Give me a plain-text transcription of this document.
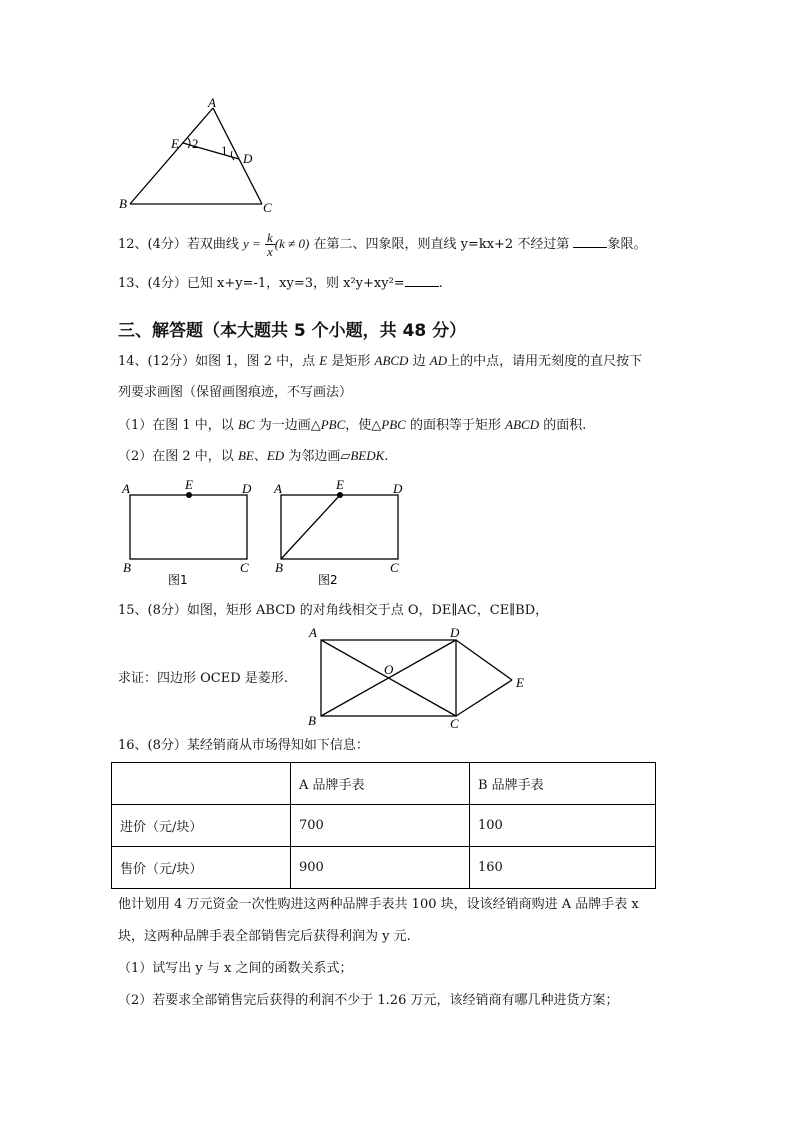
A
E 2 1
D
B	C
12、(4分）若双曲线 $y = \frac{k}{x} (k \ne 0)$ 在第二、四象限，则直线 y=kx+2 不经过第	象限。
13、(4分）已知 x+y=-1，xy=3，则 x²y+xy²=	.
三、解答题（本大题共 5 个小题，共 48 分）
14、(12分）如图 1，图 2 中，点 E 是矩形 ABCD 边 AD上的中点，请用无刻度的直尺按下
列要求画图（保留画图痕迹，不写画法）
（1）在图 1 中，以 BC 为一边画△PBC，使△PBC 的面积等于矩形 ABCD 的面积.
（2）在图 2 中，以 BE、ED 为邻边画▱BEDK.
A	E	D
B	C
图1
A	E	D
B	C
图2
15、(8分）如图，矩形 ABCD 的对角线相交于点 O，DE∥AC，CE∥BD，
求证：四边形 OCED 是菱形.
A	D
O
E
B	C
16、(8分）某经销商从市场得知如下信息：
	A 品牌手表	B 品牌手表
进价（元/块）	700	100
售价（元/块）	900	160
他计划用 4 万元资金一次性购进这两种品牌手表共 100 块，设该经销商购进 A 品牌手表 x
块，这两种品牌手表全部销售完后获得利润为 y 元.
（1）试写出 y 与 x 之间的函数关系式；
（2）若要求全部销售完后获得的利润不少于 1.26 万元，该经销商有哪几种进货方案；
